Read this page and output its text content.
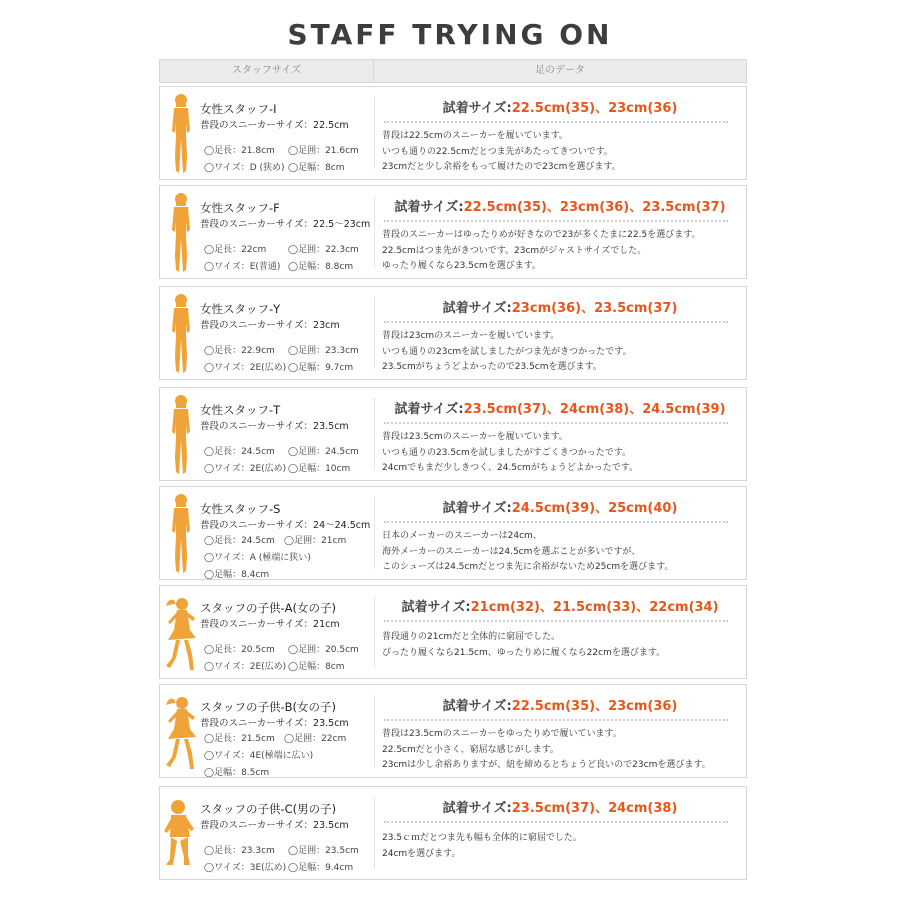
STAFF TRYING ON
スタッフサイズ	足のデータ
女性スタッフ-I
普段のスニーカーサイズ：22.5cm
◯足長：21.8cm ◯足囲：21.6cm
◯ワイズ：D (狭め) ◯足幅：8cm
試着サイズ:22.5cm(35)、23cm(36)
普段は22.5cmのスニーカーを履いています。
いつも通りの22.5cmだとつま先があたってきついです。
23cmだと少し余裕をもって履けたので23cmを選びます。
女性スタッフ-F
普段のスニーカーサイズ：22.5〜23cm
◯足長：22cm ◯足囲：22.3cm
◯ワイズ：E(普通) ◯足幅：8.8cm
試着サイズ:22.5cm(35)、23cm(36)、23.5cm(37)
普段のスニーカーはゆったりめが好きなので23が多くたまに22.5を選びます。
22.5cmはつま先がきついです。23cmがジャストサイズでした。
ゆったり履くなら23.5cmを選びます。
女性スタッフ-Y
普段のスニーカーサイズ：23cm
◯足長：22.9cm ◯足囲：23.3cm
◯ワイズ：2E(広め) ◯足幅：9.7cm
試着サイズ:23cm(36)、23.5cm(37)
普段は23cmのスニーカーを履いています。
いつも通りの23cmを試しましたがつま先がきつかったです。
23.5cmがちょうどよかったので23.5cmを選びます。
女性スタッフ-T
普段のスニーカーサイズ：23.5cm
◯足長：24.5cm ◯足囲：24.5cm
◯ワイズ：2E(広め) ◯足幅：10cm
試着サイズ:23.5cm(37)、24cm(38)、24.5cm(39)
普段は23.5cmのスニーカーを履いています。
いつも通りの23.5cmを試しましたがすごくきつかったです。
24cmでもまだ少しきつく、24.5cmがちょうどよかったです。
女性スタッフ-S
普段のスニーカーサイズ：24〜24.5cm
◯足長：24.5cm ◯足囲：21cm
◯ワイズ：A (極端に狭い)
◯足幅：8.4cm
試着サイズ:24.5cm(39)、25cm(40)
日本のメーカーのスニーカーは24cm、
海外メーカーのスニーカーは24.5cmを選ぶことが多いですが、
このシューズは24.5cmだとつま先に余裕がないため25cmを選びます。
スタッフの子供-A(女の子)
普段のスニーカーサイズ：21cm
◯足長：20.5cm ◯足囲：20.5cm
◯ワイズ：2E(広め) ◯足幅：8cm
試着サイズ:21cm(32)、21.5cm(33)、22cm(34)
普段通りの21cmだと全体的に窮屈でした。
ぴったり履くなら21.5cm、ゆったりめに履くなら22cmを選びます。
スタッフの子供-B(女の子)
普段のスニーカーサイズ：23.5cm
◯足長：21.5cm ◯足囲：22cm
◯ワイズ：4E(極端に広い)
◯足幅：8.5cm
試着サイズ:22.5cm(35)、23cm(36)
普段は23.5cmのスニーカーをゆったりめで履いています。
22.5cmだと小さく、窮屈な感じがします。
23cmは少し余裕ありますが、紐を締めるとちょうど良いので23cmを選びます。
スタッフの子供-C(男の子)
普段のスニーカーサイズ：23.5cm
◯足長：23.3cm ◯足囲：23.5cm
◯ワイズ：3E(広め) ◯足幅：9.4cm
試着サイズ:23.5cm(37)、24cm(38)
23.5ｃｍだとつま先も幅も全体的に窮屈でした。
24cmを選びます。
